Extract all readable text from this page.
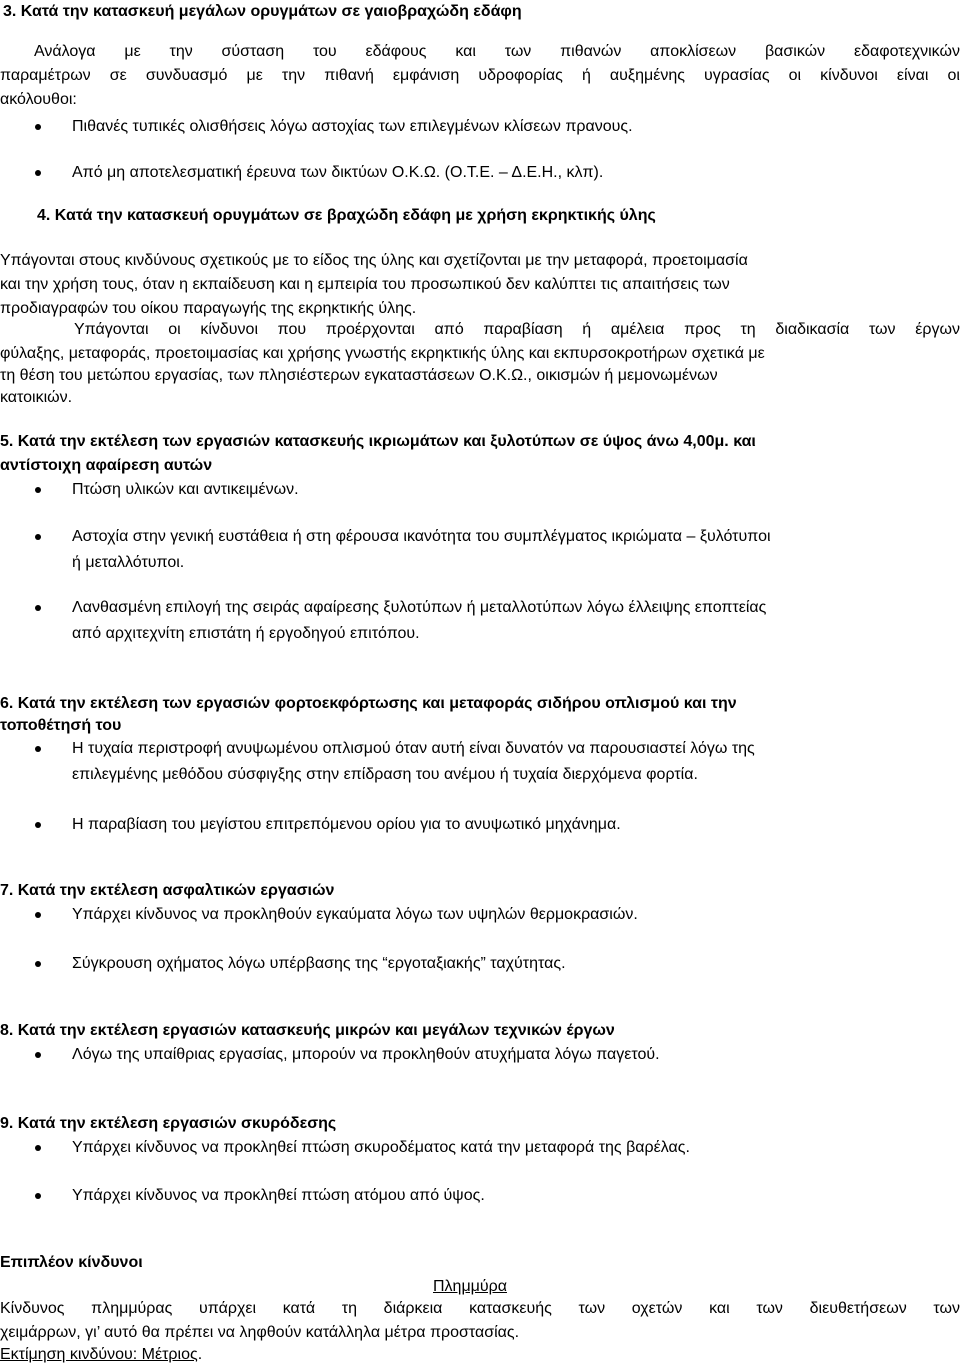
3. Κατά την κατασκευή μεγάλων ορυγμάτων σε γαιοβραχώδη εδάφη
Ανάλογα με την σύσταση του εδάφους και των πιθανών αποκλίσεων βασικών εδαφοτεχνικών
παραμέτρων σε συνδυασμό με την πιθανή εμφάνιση υδροφορίας ή αυξημένης υγρασίας οι κίνδυνοι είναι οι
ακόλουθοι:
Πιθανές τυπικές ολισθήσεις λόγω αστοχίας των επιλεγμένων κλίσεων πρανους.
Από μη αποτελεσματική έρευνα των δικτύων Ο.Κ.Ω. (Ο.Τ.Ε. – Δ.Ε.Η., κλπ).
4. Κατά την κατασκευή ορυγμάτων σε βραχώδη εδάφη με χρήση εκρηκτικής ύλης
Υπάγονται στους κινδύνους σχετικούς με το είδος της ύλης και σχετίζονται με την μεταφορά, προετοιμασία
και την χρήση τους, όταν η εκπαίδευση και η εμπειρία του προσωπικού δεν καλύπτει τις απαιτήσεις των
προδιαγραφών του οίκου παραγωγής της εκρηκτικής ύλης.
Υπάγονται οι κίνδυνοι που προέρχονται από παραβίαση ή αμέλεια προς τη διαδικασία των έργων
φύλαξης, μεταφοράς, προετοιμασίας και χρήσης γνωστής εκρηκτικής ύλης και εκπυρσοκροτήρων σχετικά με
τη θέση του μετώπου εργασίας, των πλησιέστερων εγκαταστάσεων Ο.Κ.Ω., οικισμών ή μεμονωμένων
κατοικιών.
5. Κατά την εκτέλεση των εργασιών κατασκευής ικριωμάτων και ξυλοτύπων σε ύψος άνω 4,00μ. και
αντίστοιχη αφαίρεση αυτών
Πτώση υλικών και αντικειμένων.
Αστοχία στην γενική ευστάθεια ή στη φέρουσα ικανότητα του συμπλέγματος ικριώματα – ξυλότυποι
ή μεταλλότυποι.
Λανθασμένη επιλογή της σειράς αφαίρεσης ξυλοτύπων ή μεταλλοτύπων λόγω έλλειψης εποπτείας
από αρχιτεχνίτη επιστάτη ή εργοδηγού επιτόπου.
6. Κατά την εκτέλεση των εργασιών φορτοεκφόρτωσης και μεταφοράς σιδήρου οπλισμού και την
τοποθέτησή του
Η τυχαία περιστροφή ανυψωμένου οπλισμού όταν αυτή είναι δυνατόν να παρουσιαστεί λόγω της
επιλεγμένης μεθόδου σύσφιγξης στην επίδραση του ανέμου ή τυχαία διερχόμενα φορτία.
Η παραβίαση του μεγίστου επιτρεπόμενου ορίου για το ανυψωτικό μηχάνημα.
7. Κατά την εκτέλεση ασφαλτικών εργασιών
Υπάρχει κίνδυνος να προκληθούν εγκαύματα λόγω των υψηλών θερμοκρασιών.
Σύγκρουση οχήματος λόγω υπέρβασης της “εργοταξιακής” ταχύτητας.
8. Κατά την εκτέλεση εργασιών κατασκευής μικρών και μεγάλων τεχνικών έργων
Λόγω της υπαίθριας εργασίας, μπορούν να προκληθούν ατυχήματα λόγω παγετού.
9. Κατά την εκτέλεση εργασιών σκυρόδεσης
Υπάρχει κίνδυνος να προκληθεί πτώση σκυροδέματος κατά την μεταφορά της βαρέλας.
Υπάρχει κίνδυνος να προκληθεί πτώση ατόμου από ύψος.
Επιπλέον κίνδυνοι
Πλημμύρα
Κίνδυνος πλημμύρας υπάρχει κατά τη διάρκεια κατασκευής των οχετών και των διευθετήσεων των
χειμάρρων, γι’ αυτό θα πρέπει να ληφθούν κατάλληλα μέτρα προστασίας.
Εκτίμηση κινδύνου: Μέτριος.
